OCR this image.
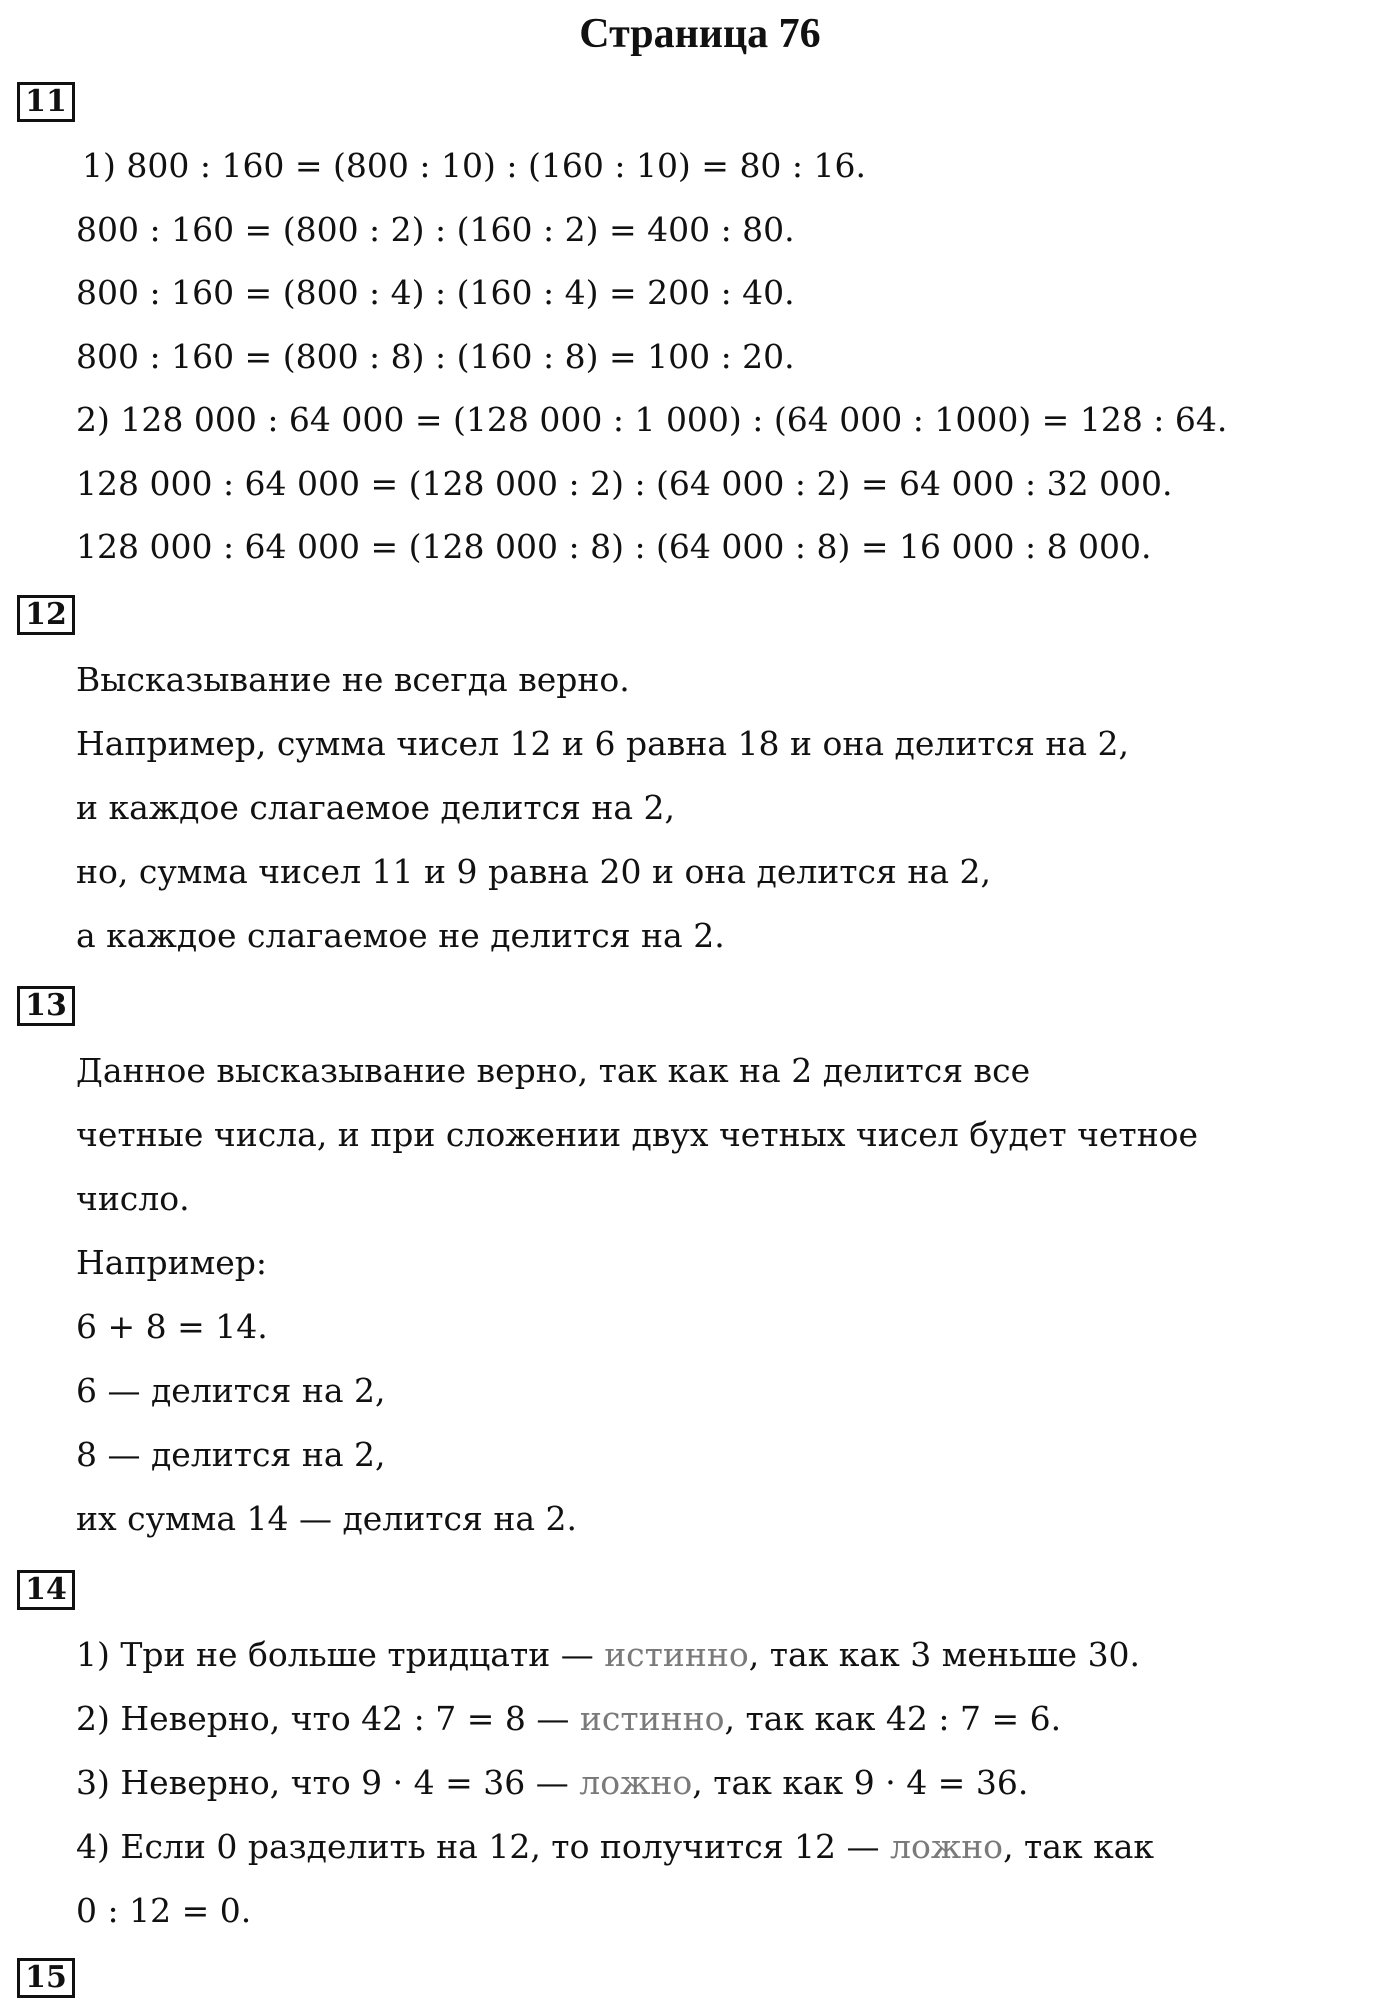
Страница 76
11
1) 800 : 160 = (800 : 10) : (160 : 10) = 80 : 16.
800 : 160 = (800 : 2) : (160 : 2) = 400 : 80.
800 : 160 = (800 : 4) : (160 : 4) = 200 : 40.
800 : 160 = (800 : 8) : (160 : 8) = 100 : 20.
2) 128 000 : 64 000 = (128 000 : 1 000) : (64 000 : 1000) = 128 : 64.
128 000 : 64 000 = (128 000 : 2) : (64 000 : 2) = 64 000 : 32 000.
128 000 : 64 000 = (128 000 : 8) : (64 000 : 8) = 16 000 : 8 000.
12
Высказывание не всегда верно.
Например, сумма чисел 12 и 6 равна 18 и она делится на 2,
и каждое слагаемое делится на 2,
но, сумма чисел 11 и 9 равна 20 и она делится на 2,
а каждое слагаемое не делится на 2.
13
Данное высказывание верно, так как на 2 делится все
четные числа, и при сложении двух четных чисел будет четное
число.
Например:
6 + 8 = 14.
6 — делится на 2,
8 — делится на 2,
их сумма 14 — делится на 2.
14
1) Три не больше тридцати — истинно, так как 3 меньше 30.
2) Неверно, что 42 : 7 = 8 — истинно, так как 42 : 7 = 6.
3) Неверно, что 9 · 4 = 36 — ложно, так как 9 · 4 = 36.
4) Если 0 разделить на 12, то получится 12 — ложно, так как
0 : 12 = 0.
15
